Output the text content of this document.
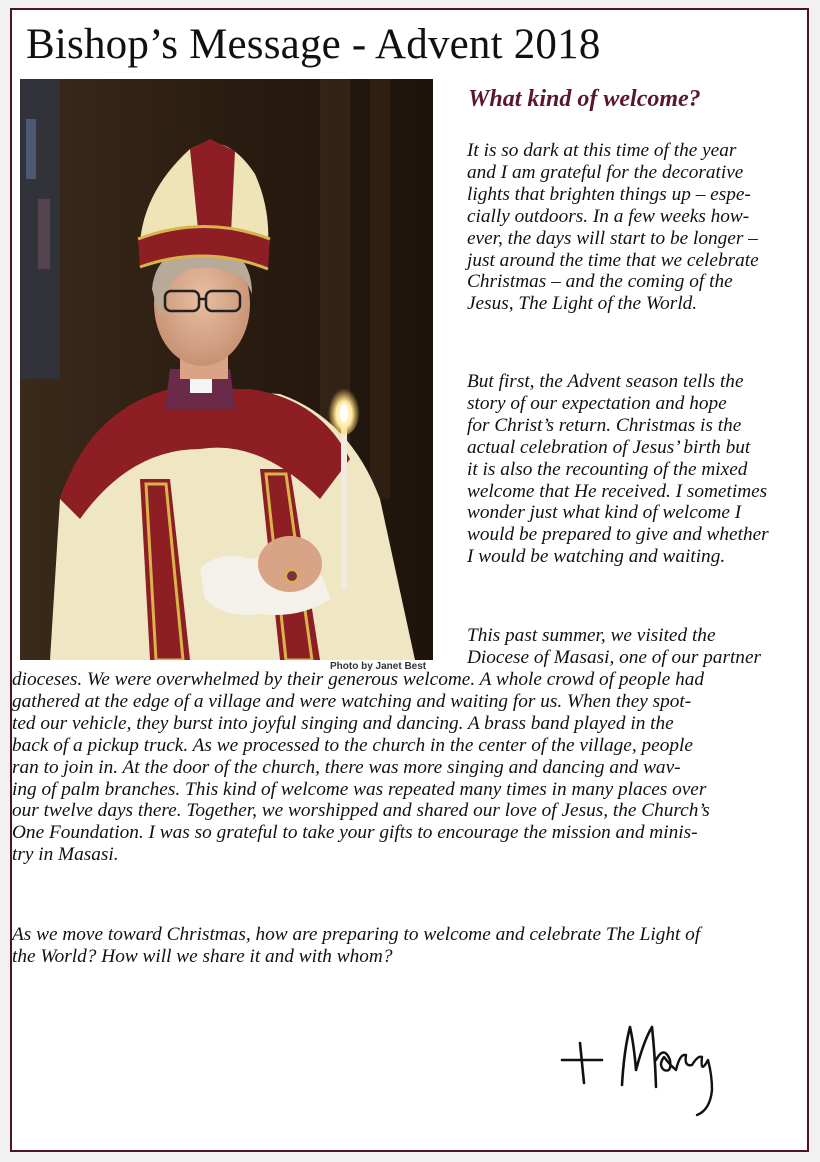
Bishop’s Message - Advent 2018
Photo by Janet Best
What kind of welcome?

It is so dark at this time of the year
and I am grateful for the decorative
lights that brighten things up – espe-
cially outdoors. In a few weeks how-
ever, the days will start to be longer –
just around the time that we celebrate
Christmas – and the coming of the
Jesus, The Light of the World.

But first, the Advent season tells the
story of our expectation and hope
for Christ’s return. Christmas is the
actual celebration of Jesus’ birth but
it is also the recounting of the mixed
welcome that He received. I sometimes
wonder just what kind of welcome I
would be prepared to give and whether
I would be watching and waiting.

This past summer, we visited the
Diocese of Masasi, one of our partner

dioceses. We were overwhelmed by their generous welcome. A whole crowd of people had
gathered at the edge of a village and were watching and waiting for us. When they spot-
ted our vehicle, they burst into joyful singing and dancing. A brass band played in the
back of a pickup truck. As we processed to the church in the center of the village, people
ran to join in. At the door of the church, there was more singing and dancing and wav-
ing of palm branches. This kind of welcome was repeated many times in many places over
our twelve days there. Together, we worshipped and shared our love of Jesus, the Church’s
One Foundation. I was so grateful to take your gifts to encourage the mission and minis-
try in Masasi.

As we move toward Christmas, how are preparing to welcome and celebrate The Light of
the World? How will we share it and with whom?
